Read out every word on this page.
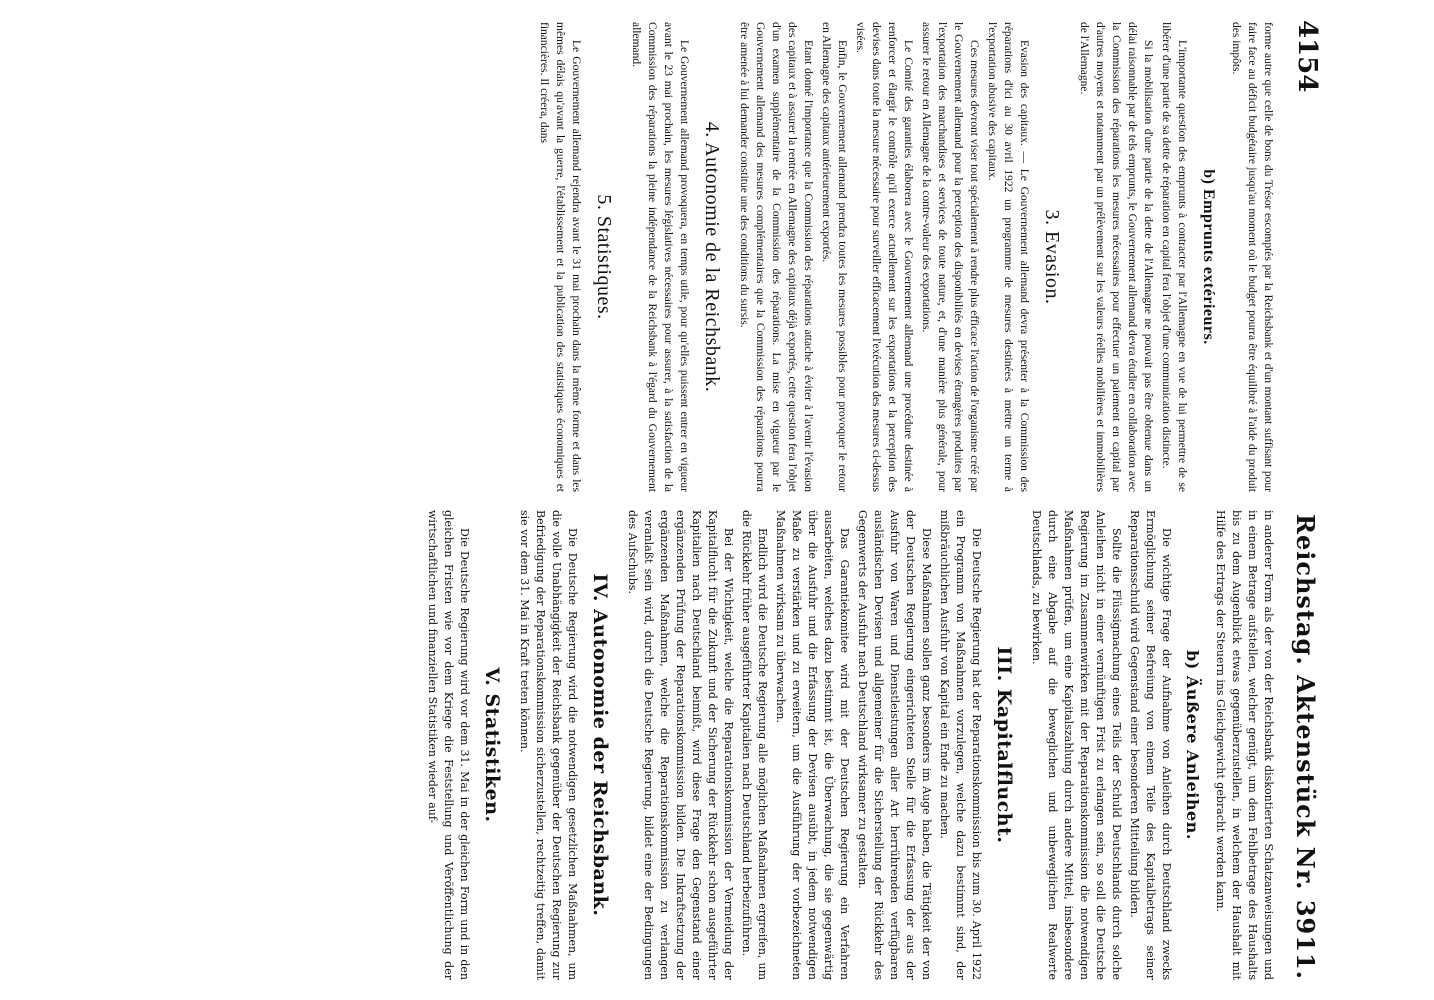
4154
Reichstag. Aktenstück Nr. 3911.

forme autre que celle de bons du Trésor escomptés par la Reichsbank et d'un montant suffisant pour faire face au déficit budgétaire jusqu'au moment où le budget pourra être équilibré à l'aide du produit des impôts.

b) Emprunts extérieurs.

L'importante question des emprunts à contracter par l'Allemagne en vue de lui permettre de se libérer d'une partie de sa dette de réparation en capital fera l'objet d'une communication distincte.

Si la mobilisation d'une partie de la dette de l'Allemagne ne pouvait pas être obtenue dans un délai raisonnable par de tels emprunts, le Gouvernement allemand devra étudier en collaboration avec la Commission des réparations les mesures nécessaires pour effectuer un paiement en capital par d'autres moyens et notamment par un prélèvement sur les valeurs réelles mobilières et immobilières de l'Allemagne.

3. Evasion.

Evasion des capitaux. — Le Gouvernement allemand devra présenter à la Commission des réparations d'ici au 30 avril 1922 un programme de mesures destinées à mettre un terme à l'exportation abusive des capitaux.

Ces mesures devront viser tout spécialement à rendre plus efficace l'action de l'organisme créé par le Gouvernement allemand pour la perception des disponibilités en devises étrangères produites par l'exportation des marchandises et services de toute nature, et, d'une manière plus générale, pour assurer le retour en Allemagne de la contre-valeur des exportations.

Le Comité des garanties élaborera avec le Gouvernement allemand une procédure destinée à renforcer et élargir le contrôle qu'il exerce actuellement sur les exportations et la perception des devises dans toute la mesure nécessaire pour surveiller efficacement l'exécution des mesures ci-dessus visées.

Enfin, le Gouvernement allemand prendra toutes les mesures possibles pour provoquer le retour en Allemagne des capitaux antérieurement exportés.

Etant donné l'importance que la Commission des réparations attache à éviter à l'avenir l'évasion des capitaux et à assurer la rentrée en Allemagne des capitaux déjà exportés, cette question fera l'objet d'un examen supplémentaire de la Commission des réparations. La mise en vigueur par le Gouvernement allemand des mesures complémentaires que la Commission des réparations pourra être amenée à lui demander constitue une des conditions du sursis.

4. Autonomie de la Reichsbank.

Le Gouvernement allemand provoquera, en temps utile, pour qu'elles puissent entrer en vigueur avant le 23 mai prochain, les mesures législatives nécessaires pour assurer, à la satisfaction de la Commission des réparations la pleine indépendance de la Reichsbank à l'égard du Gouvernement allemand.

5. Statistiques.

Le Gouvernement allemand rejendra avant le 31 mai prochain dans la même forme et dans les mêmes délais qu'avant la guerre, l'établissement et la publication des statistiques économiques et financières. Il créera, dans

in anderer Form als der von der Reichsbank diskontierten Schatzanweisungen und in einem Betrage aufstellen, welcher genügt, um dem Fehlbetrage des Haushalts bis zu dem Augenblick etwas gegenüberzustellen, in welchem der Haushalt mit Hilfe des Ertrags der Steuern ins Gleichgewicht gebracht werden kann.

b) Äußere Anleihen.

Die wichtige Frage der Aufnahme von Anleihen durch Deutschland zwecks Ermöglichung seiner Befreiung von einem Teile des Kapitalbetrags seiner Reparationsschuld wird Gegenstand einer besonderen Mitteilung bilden.

Sollte die Flüssigmachung eines Teils der Schuld Deutschlands durch solche Anleihen nicht in einer vernünftigen Frist zu erlangen sein, so soll die Deutsche Regierung im Zusammenwirken mit der Reparationskommission die notwendigen Maßnahmen prüfen, um eine Kapitalszahlung durch andere Mittel, insbesondere durch eine Abgabe auf die beweglichen und unbeweglichen Realwerte Deutschlands, zu bewirken.

III. Kapitalflucht.

Die Deutsche Regierung hat der Reparationskommission bis zum 30. April 1922 ein Programm von Maßnahmen vorzulegen, welche dazu bestimmt sind, der mißbräuchlichen Ausfuhr von Kapital ein Ende zu machen.

Diese Maßnahmen sollen ganz besonders im Auge haben, die Tätigkeit der von der Deutschen Regierung eingerichteten Stelle für die Erfassung der aus der Ausfuhr von Waren und Dienstleistungen aller Art herrührenden verfügbaren ausländischen Devisen und allgemeiner für die Sicherstellung der Rückkehr des Gegenwerts der Ausfuhr nach Deutschland wirksamer zu gestalten.

Das Garantiekomitee wird mit der Deutschen Regierung ein Verfahren ausarbeiten, welches dazu bestimmt ist, die Überwachung, die sie gegenwärtig über die Ausfuhr und die Erfassung der Devisen ausübt, in jedem notwendigen Maße zu verstärken und zu erweitern, um die Ausführung der vorbezeichneten Maßnahmen wirksam zu überwachen.

Endlich wird die Deutsche Regierung alle möglichen Maßnahmen ergreifen, um die Rückkehr früher ausgeführter Kapitalien nach Deutschland herbeizuführen.

Bei der Wichtigkeit, welche die Reparationskommission der Vermeidung der Kapitalflucht für die Zukunft und der Sicherung der Rückkehr schon ausgeführter Kapitalien nach Deutschland beimißt, wird diese Frage den Gegenstand einer ergänzenden Prüfung der Reparationskommission bilden. Die Inkraftsetzung der ergänzenden Maßnahmen, welche die Reparationskommission zu verlangen veranlaßt sein wird, durch die Deutsche Regierung, bildet eine der Bedingungen des Aufschubs.

IV. Autonomie der Reichsbank.

Die Deutsche Regierung wird die notwendigen gesetzlichen Maßnahmen, um die volle Unabhängigkeit der Reichsbank gegenüber der Deutschen Regierung zur Befriedigung der Reparationskommission sicherzustellen, rechtzeitig treffen, damit sie vor dem 31. Mai in Kraft treten können.

V. Statistiken.

Die Deutsche Regierung wird vor dem 31. Mai in der gleichen Form und in den gleichen Fristen wie vor dem Kriege die Feststellung und Veröffentlichung der wirtschaftlichen und finanziellen Statistiken wieder auf-
